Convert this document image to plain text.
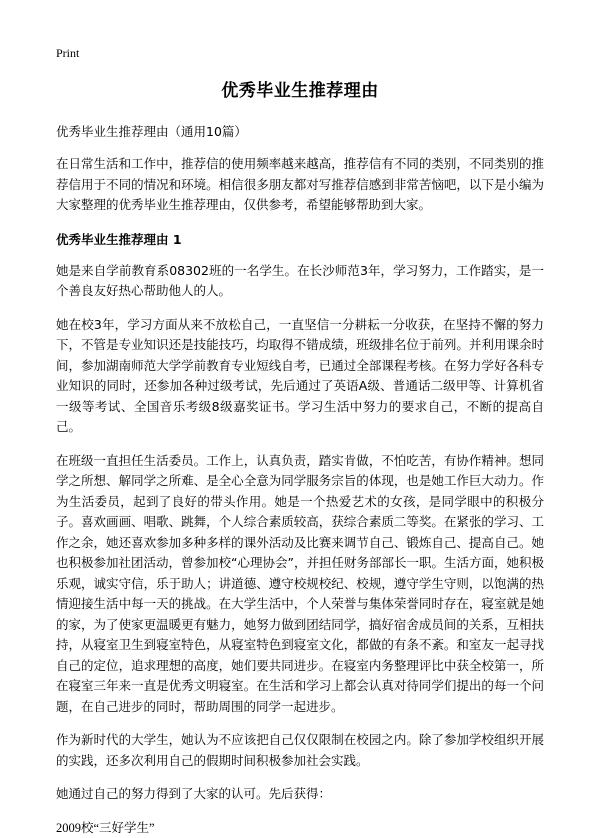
Print
优秀毕业生推荐理由
优秀毕业生推荐理由（通用10篇）
在日常生活和工作中，推荐信的使用频率越来越高，推荐信有不同的类别，不同类别的推荐信用于不同的情况和环境。相信很多朋友都对写推荐信感到非常苦恼吧，以下是小编为大家整理的优秀毕业生推荐理由，仅供参考，希望能够帮助到大家。
优秀毕业生推荐理由 1
她是来自学前教育系08302班的一名学生。在长沙师范3年，学习努力，工作踏实，是一个善良友好热心帮助他人的人。
她在校3年，学习方面从来不放松自己，一直坚信一分耕耘一分收获，在坚持不懈的努力下，不管是专业知识还是技能技巧，均取得不错成绩，班级排名位于前列。并利用课余时间，参加湖南师范大学学前教育专业短线自考，已通过全部课程考核。在努力学好各科专业知识的同时，还参加各种过级考试，先后通过了英语A级、普通话二级甲等、计算机省一级等考试、全国音乐考级8级嘉奖证书。学习生活中努力的要求自己，不断的提高自己。
在班级一直担任生活委员。工作上，认真负责，踏实肯做，不怕吃苦，有协作精神。想同学之所想、解同学之所难、是全心全意为同学服务宗旨的体现，也是她工作巨大动力。作为生活委员，起到了良好的带头作用。她是一个热爱艺术的女孩，是同学眼中的积极分子。喜欢画画、唱歌、跳舞，个人综合素质较高，获综合素质二等奖。在紧张的学习、工作之余，她还喜欢参加多种多样的课外活动及比赛来调节自己、锻炼自己、提高自己。她也积极参加社团活动，曾参加校“心理协会”，并担任财务部部长一职。生活方面，她积极乐观，诚实守信，乐于助人；讲道德、遵守校规校纪、校规，遵守学生守则，以饱满的热情迎接生活中每一天的挑战。在大学生活中，个人荣誉与集体荣誉同时存在，寝室就是她的家，为了使家更温暖更有魅力，她努力做到团结同学，搞好宿舍成员间的关系，互相扶持，从寝室卫生到寝室特色，从寝室特色到寝室文化，都做的有条不紊。和室友一起寻找自己的定位，追求理想的高度，她们要共同进步。在寝室内务整理评比中获全校第一，所在寝室三年来一直是优秀文明寝室。在生活和学习上都会认真对待同学们提出的每一个问题，在自己进步的同时，帮助周围的同学一起进步。
作为新时代的大学生，她认为不应该把自己仅仅限制在校园之内。除了参加学校组织开展的实践，还多次利用自己的假期时间积极参加社会实践。
她通过自己的努力得到了大家的认可。先后获得：
2009校“三好学生”
